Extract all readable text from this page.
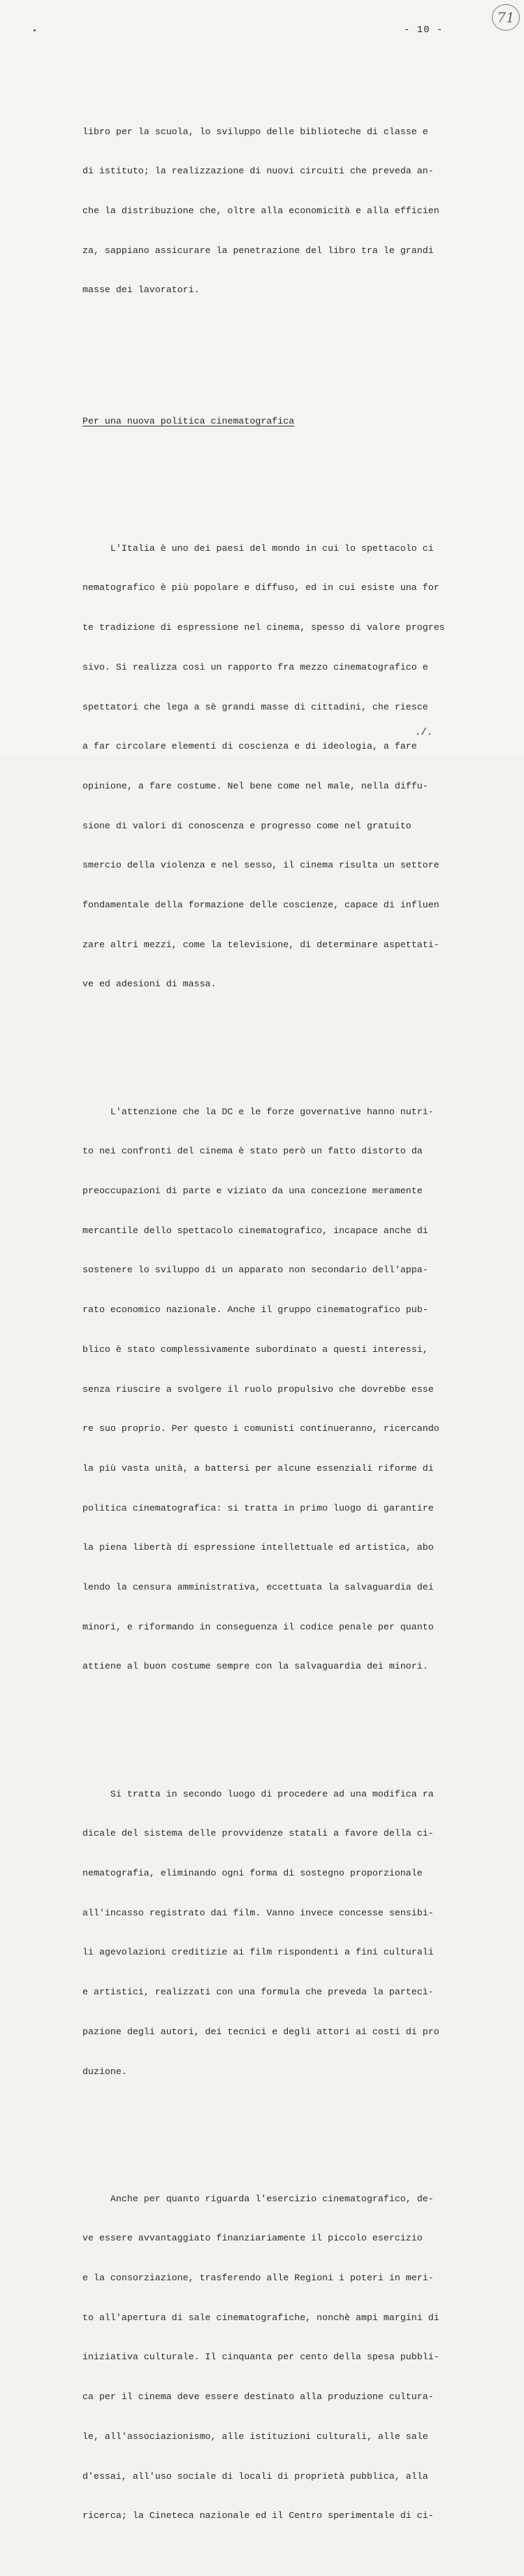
71
- 10 -

libro per la scuola, lo sviluppo delle biblioteche di classe e

di istituto; la realizzazione di nuovi circuiti che preveda an-

che la distribuzione che, oltre alla economicità e alla efficien

za, sappiano assicurare la penetrazione del libro tra le grandi

masse dei lavoratori.

Per una nuova politica cinematografica

L'Italia è uno dei paesi del mondo in cui lo spettacolo ci

nematografico è più popolare e diffuso, ed in cui esiste una for

te tradizione di espressione nel cinema, spesso di valore progres

sivo. Si realizza così un rapporto fra mezzo cinematografico e

spettatori che lega a sè grandi masse di cittadini, che riesce

a far circolare elementi di coscienza e di ideologia, a fare

opinione, a fare costume. Nel bene come nel male, nella diffu-

sione di valori di conoscenza e progresso come nel gratuito

smercio della violenza e nel sesso, il cinema risulta un settore

fondamentale della formazione delle coscienze, capace di influen

zare altri mezzi, come la televisione, di determinare aspettati-

ve ed adesioni di massa.

L'attenzione che la DC e le forze governative hanno nutri-

to nei confronti del cinema è stato però un fatto distorto da

preoccupazioni di parte e viziato da una concezione meramente

mercantile dello spettacolo cinematografico, incapace anche di

sostenere lo sviluppo di un apparato non secondario dell'appa-

rato economico nazionale. Anche il gruppo cinematografico pub-

blico è stato complessivamente subordinato a questi interessi,

senza riuscire a svolgere il ruolo propulsivo che dovrebbe esse

re suo proprio. Per questo i comunisti continueranno, ricercando

la più vasta unità, a battersi per alcune essenziali riforme di

politica cinematografica: si tratta in primo luogo di garantire

la piena libertà di espressione intellettuale ed artistica, abo

lendo la censura amministrativa, eccettuata la salvaguardia dei

minori, e riformando in conseguenza il codice penale per quanto

attiene al buon costume sempre con la salvaguardia dei minori.

Si tratta in secondo luogo di procedere ad una modifica ra

dicale del sistema delle provvidenze statali a favore della ci-

nematografia, eliminando ogni forma di sostegno proporzionale

all'incasso registrato dai film. Vanno invece concesse sensibi-

li agevolazioni creditizie ai film rispondenti a fini culturali

e artistici, realizzati con una formula che preveda la partecì-

pazione degli autori, dei tecnici e degli attori ai costi di pro

duzione.

Anche per quanto riguarda l'esercizio cinematografico, de-

ve essere avvantaggiato finanziariamente il piccolo esercizio

e la consorziazione, trasferendo alle Regioni i poteri in meri-

to all'apertura di sale cinematografiche, nonchè ampi margini di

iniziativa culturale. Il cinquanta per cento della spesa pubbli-

ca per il cinema deve essere destinato alla produzione cultura-

le, all'associazionismo, alle istituzioni culturali, alle sale

d'essai, all'uso sociale di locali di proprietà pubblica, alla

ricerca; la Cineteca nazionale ed il Centro sperimentale di ci-

./.
